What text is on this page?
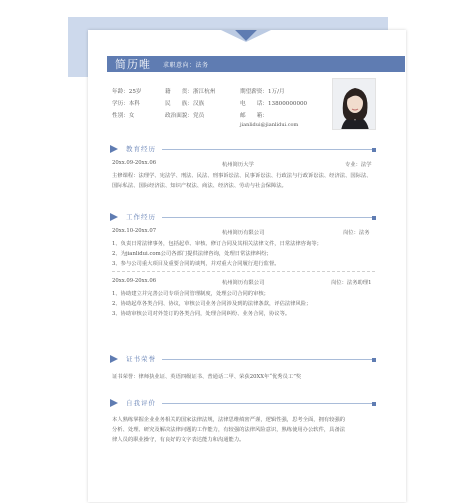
简历唯 求职意向：法务
年龄：25岁	籍　　贯：浙江杭州	期望薪资：1万/月
学历：本科	民　　族：汉族	电　　话：13800000000
性别：女	政治面貌：党员	邮　　箱：
jianlidui@jianlidui.com
教育经历
20xx.09-20xx.06	杭州简历大学	专业：法学
主修课程：法理学、宪法学、刑法、民法、刑事诉讼法、民事诉讼法、行政法与行政诉讼法、经济法、国际法、
国际私法、国际经济法、知识产权法、商法、经济法、劳动与社会保障法。
工作经历
20xx.10-20xx.07	杭州简历有限公司	岗位：法务
1、负责日常法律事务，包括起草、审核、修订合同及其相关法律文件，日常法律咨询等；
2、为jianlidui.com公司各部门提供法律咨询，处理日常法律纠纷；
3、参与公司重大项目及重要合同的谈判，并对重大合同履行进行监督。
20xx.09-20xx.06	杭州简历有限公司	岗位：法务助理1
1、协助建立并完善公司专项合同管理制度，处理公司合同的审核；
2、协助起草各类合同、协议，审核公司业务合同涉及到的法律条款，评估法律风险；
3、协助审核公司对外签订的各类合同，处理合同纠纷、业务合同，协议等。
证书荣誉
证书荣誉：律师执业证、英语四级证书、普通话二甲、荣获20XX年“优秀员工”奖
自我评价
本人熟练掌握企业业务相关的国家法律法规，法律思维缜密严谨，逻辑性强，思考全面，拥有较强的
分析、处理、研究及解决法律问题的工作能力，有较强的法律风险意识，熟练使用办公软件，具备法
律人员的职业操守，有良好的文字表达能力和沟通能力。
